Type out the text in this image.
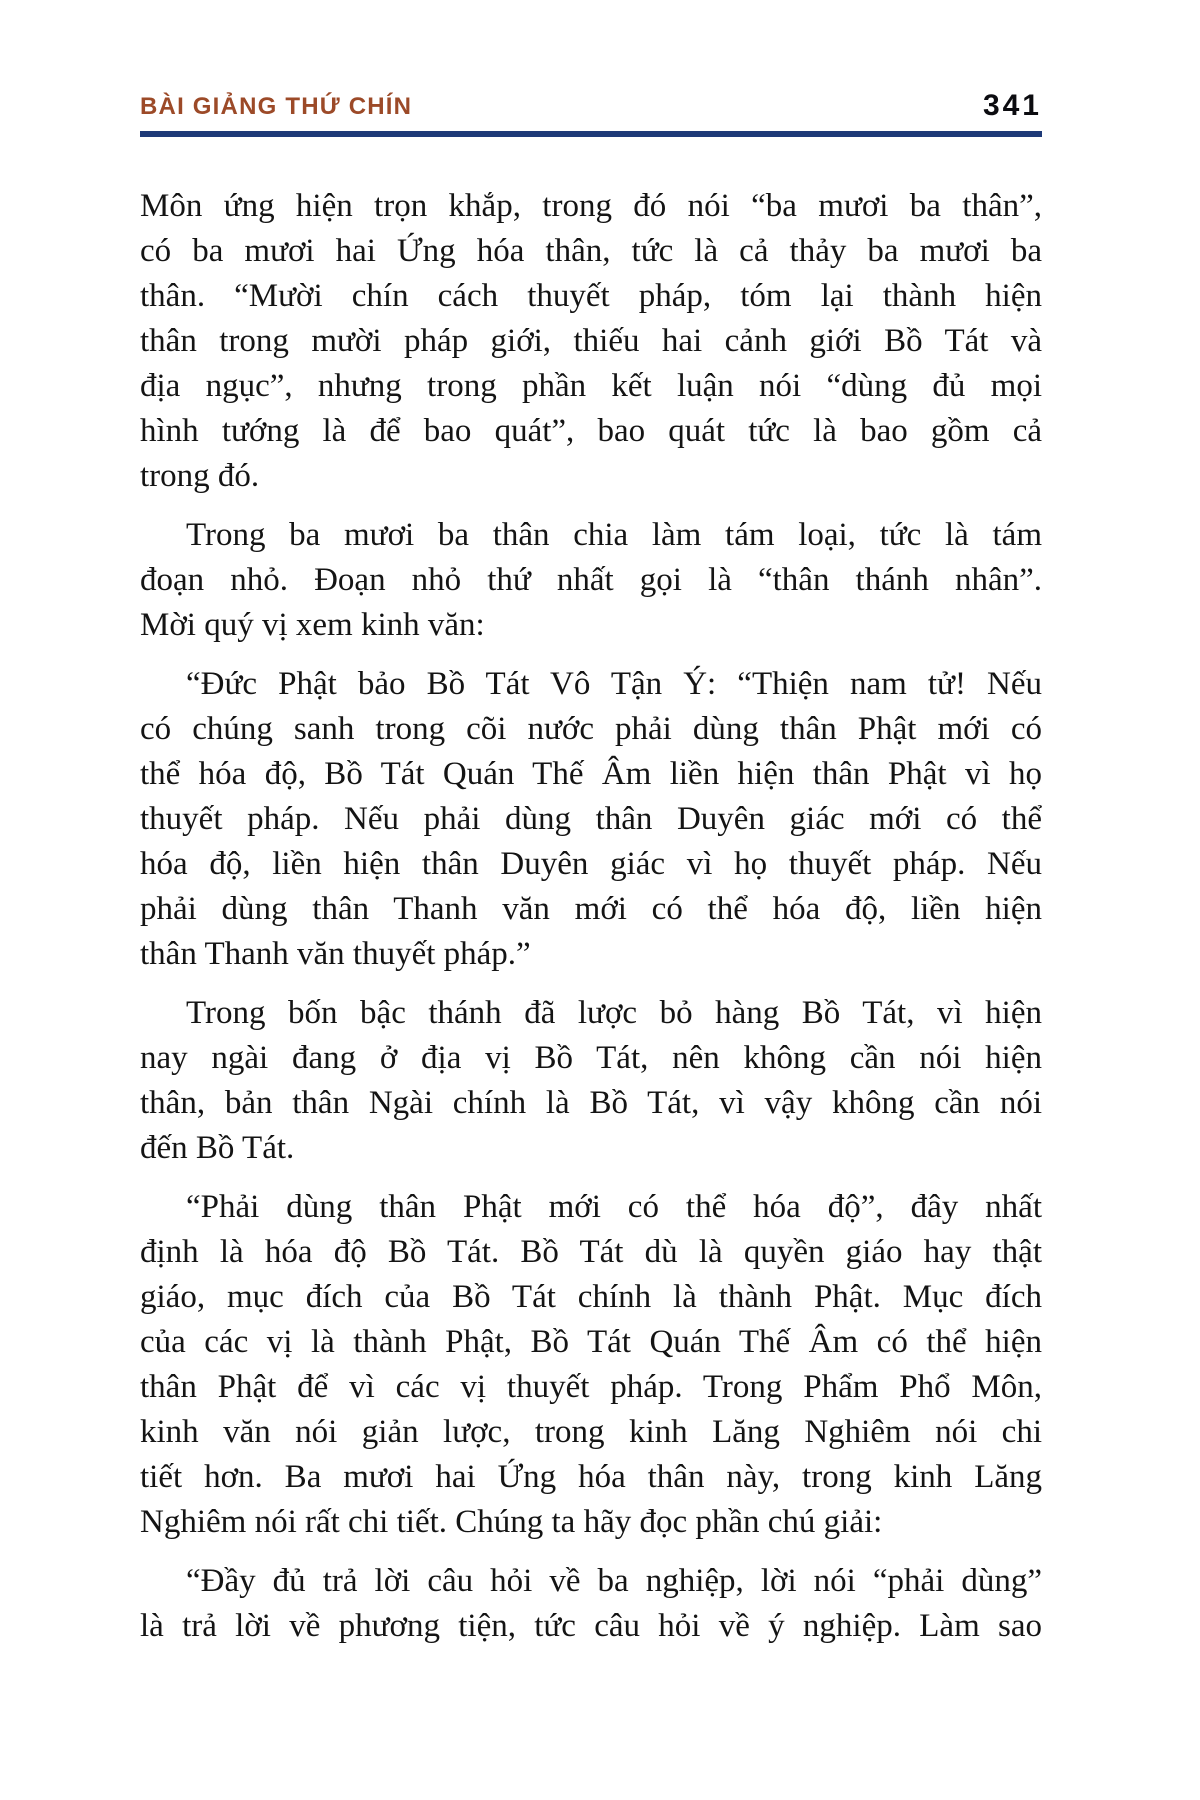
BÀI GIẢNG THỨ CHÍN	341
Môn ứng hiện trọn khắp, trong đó nói “ba mươi ba thân”,
có ba mươi hai Ứng hóa thân, tức là cả thảy ba mươi ba
thân. “Mười chín cách thuyết pháp, tóm lại thành hiện
thân trong mười pháp giới, thiếu hai cảnh giới Bồ Tát và
địa ngục”, nhưng trong phần kết luận nói “dùng đủ mọi
hình tướng là để bao quát”, bao quát tức là bao gồm cả
trong đó.
Trong ba mươi ba thân chia làm tám loại, tức là tám
đoạn nhỏ. Đoạn nhỏ thứ nhất gọi là “thân thánh nhân”.
Mời quý vị xem kinh văn:
“Đức Phật bảo Bồ Tát Vô Tận Ý: “Thiện nam tử! Nếu
có chúng sanh trong cõi nước phải dùng thân Phật mới có
thể hóa độ, Bồ Tát Quán Thế Âm liền hiện thân Phật vì họ
thuyết pháp. Nếu phải dùng thân Duyên giác mới có thể
hóa độ, liền hiện thân Duyên giác vì họ thuyết pháp. Nếu
phải dùng thân Thanh văn mới có thể hóa độ, liền hiện
thân Thanh văn thuyết pháp.”
Trong bốn bậc thánh đã lược bỏ hàng Bồ Tát, vì hiện
nay ngài đang ở địa vị Bồ Tát, nên không cần nói hiện
thân, bản thân Ngài chính là Bồ Tát, vì vậy không cần nói
đến Bồ Tát.
“Phải dùng thân Phật mới có thể hóa độ”, đây nhất
định là hóa độ Bồ Tát. Bồ Tát dù là quyền giáo hay thật
giáo, mục đích của Bồ Tát chính là thành Phật. Mục đích
của các vị là thành Phật, Bồ Tát Quán Thế Âm có thể hiện
thân Phật để vì các vị thuyết pháp. Trong Phẩm Phổ Môn,
kinh văn nói giản lược, trong kinh Lăng Nghiêm nói chi
tiết hơn. Ba mươi hai Ứng hóa thân này, trong kinh Lăng
Nghiêm nói rất chi tiết. Chúng ta hãy đọc phần chú giải:
“Đầy đủ trả lời câu hỏi về ba nghiệp, lời nói “phải dùng”
là trả lời về phương tiện, tức câu hỏi về ý nghiệp. Làm sao
